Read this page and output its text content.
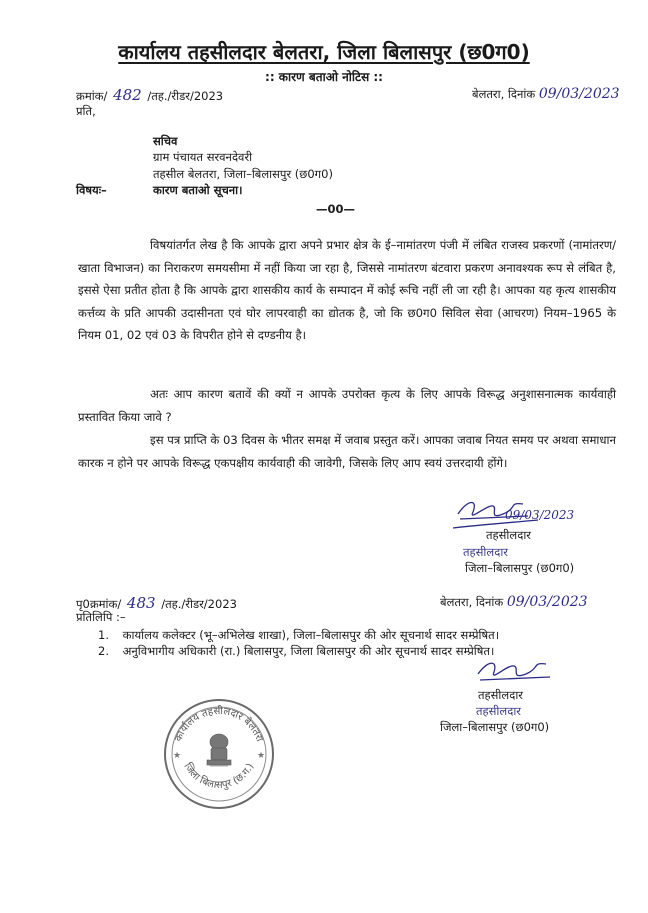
कार्यालय तहसीलदार बेलतरा, जिला बिलासपुर (छ0ग0)
:: कारण बताओ नोटिस ::
क्रमांक/ 482 /तह./रीडर/2023	बेलतरा, दिनांक 09/03/2023
प्रति,
सचिव
ग्राम पंचायत सरवनदेवरी
तहसील बेलतरा, जिला–बिलासपुर (छ0ग0)
विषयः–	कारण बताओ सूचना।
—00—
विषयांतर्गत लेख है कि आपके द्वारा अपने प्रभार क्षेत्र के ई–नामांतरण पंजी में लंबित राजस्व प्रकरणों (नामांतरण/खाता विभाजन) का निराकरण समयसीमा में नहीं किया जा रहा है, जिससे नामांतरण बंटवारा प्रकरण अनावश्यक रूप से लंबित है, इससे ऐसा प्रतीत होता है कि आपके द्वारा शासकीय कार्य के सम्पादन में कोई रूचि नहीं ली जा रही है। आपका यह कृत्य शासकीय कर्त्तव्य के प्रति आपकी उदासीनता एवं घोर लापरवाही का द्योतक है, जो कि छ0ग0 सिविल सेवा (आचरण) नियम–1965 के नियम 01, 02 एवं 03 के विपरीत होने से दण्डनीय है।
अतः आप कारण बतावें की क्यों न आपके उपरोक्त कृत्य के लिए आपके विरूद्ध अनुशासनात्मक कार्यवाही प्रस्तावित किया जावे ?
इस पत्र प्राप्ति के 03 दिवस के भीतर समक्ष में जवाब प्रस्तुत करें। आपका जवाब नियत समय पर अथवा समाधान कारक न होने पर आपके विरूद्ध एकपक्षीय कार्यवाही की जावेगी, जिसके लिए आप स्वयं उत्तरदायी होंगे।
09/03/2023
तहसीलदार
तहसीलदार
जिला–बिलासपुर (छ0ग0)
पृ0क्रमांक/ 483 /तह./रीडर/2023	बेलतरा, दिनांक 09/03/2023
प्रतिलिपि :–
1. कार्यालय कलेक्टर (भू–अभिलेख शाखा), जिला–बिलासपुर की ओर सूचनार्थ सादर सम्प्रेषित।
2. अनुविभागीय अधिकारी (रा.) बिलासपुर, जिला बिलासपुर की ओर सूचनार्थ सादर सम्प्रेषित।
तहसीलदार
तहसीलदार
जिला–बिलासपुर (छ0ग0)
कार्यालय तहसीलदार बेलतरा
जिला बिलासपुर (छ.ग.)
★	★
